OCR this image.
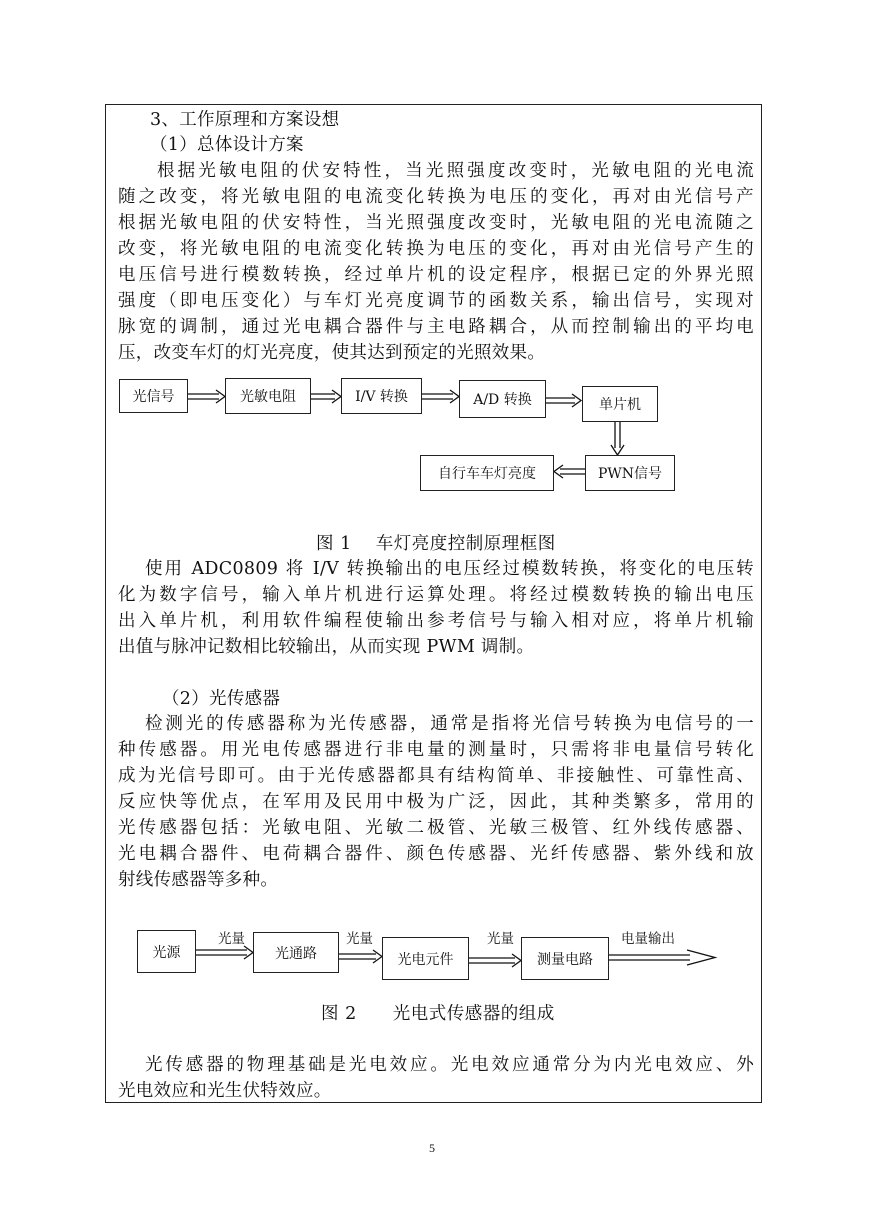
3、工作原理和方案设想
（1）总体设计方案
根据光敏电阻的伏安特性，当光照强度改变时，光敏电阻的光电流
随之改变，将光敏电阻的电流变化转换为电压的变化，再对由光信号产
根据光敏电阻的伏安特性，当光照强度改变时，光敏电阻的光电流随之
改变，将光敏电阻的电流变化转换为电压的变化，再对由光信号产生的
电压信号进行模数转换，经过单片机的设定程序，根据已定的外界光照
强度（即电压变化）与车灯光亮度调节的函数关系，输出信号，实现对
脉宽的调制，通过光电耦合器件与主电路耦合，从而控制输出的平均电
压，改变车灯的灯光亮度，使其达到预定的光照效果。
光信号	光敏电阻	I/V 转换	A/D 转换	单片机
PWN信号
自行车车灯亮度
图 1　 车灯亮度控制原理框图
使用 ADC0809 将 I/V 转换输出的电压经过模数转换，将变化的电压转
化为数字信号，输入单片机进行运算处理。将经过模数转换的输出电压
出入单片机，利用软件编程使输出参考信号与输入相对应，将单片机输
出值与脉冲记数相比较输出，从而实现 PWM 调制。
（2）光传感器
检测光的传感器称为光传感器，通常是指将光信号转换为电信号的一
种传感器。用光电传感器进行非电量的测量时，只需将非电量信号转化
成为光信号即可。由于光传感器都具有结构简单、非接触性、可靠性高、
反应快等优点，在军用及民用中极为广泛，因此，其种类繁多，常用的
光传感器包括：光敏电阻、光敏二极管、光敏三极管、红外线传感器、
光电耦合器件、电荷耦合器件、颜色传感器、光纤传感器、紫外线和放
射线传感器等多种。
光源	光通路	光电元件	测量电路
光量	光量	光量	电量输出
图 2　　光电式传感器的组成
光传感器的物理基础是光电效应。光电效应通常分为内光电效应、外
光电效应和光生伏特效应。
5
